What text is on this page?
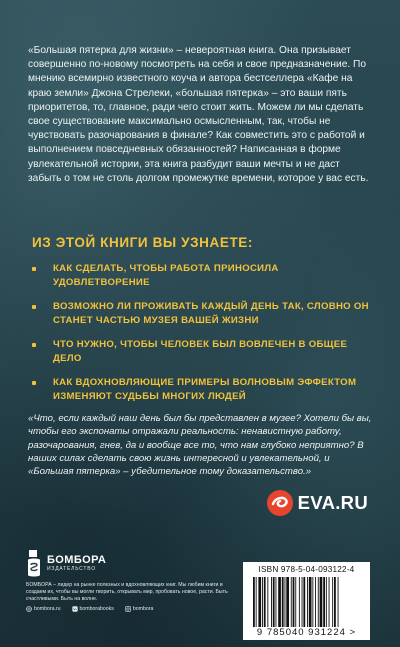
«Большая пятерка для жизни» – невероятная книга. Она призывает совершенно по-новому посмотреть на себя и свое предназначение. По мнению всемирно известного коуча и автора бестселлера «Кафе на краю земли» Джона Стрелеки, «большая пятерка» – это ваши пять приоритетов, то, главное, ради чего стоит жить. Можем ли мы сделать свое существование максимально осмысленным, так, чтобы не чувствовать разочарования в финале? Как совместить это с работой и выполнением повседневных обязанностей? Написанная в форме увлекательной истории, эта книга разбудит ваши мечты и не даст забыть о том не столь долгом промежутке времени, которое у вас есть.

ИЗ ЭТОЙ КНИГИ ВЫ УЗНАЕТЕ:
КАК СДЕЛАТЬ, ЧТОБЫ РАБОТА ПРИНОСИЛА УДОВЛЕТВОРЕНИЕ
ВОЗМОЖНО ЛИ ПРОЖИВАТЬ КАЖДЫЙ ДЕНЬ ТАК, СЛОВНО ОН СТАНЕТ ЧАСТЬЮ МУЗЕЯ ВАШЕЙ ЖИЗНИ
ЧТО НУЖНО, ЧТОБЫ ЧЕЛОВЕК БЫЛ ВОВЛЕЧЕН В ОБЩЕЕ ДЕЛО
КАК ВДОХНОВЛЯЮЩИЕ ПРИМЕРЫ ВОЛНОВЫМ ЭФФЕКТОМ ИЗМЕНЯЮТ СУДЬБЫ МНОГИХ ЛЮДЕЙ

«Что, если каждый наш день был бы представлен в музее? Хотели бы вы, чтобы его экспонаты отражали реальность: ненавистную работу, разочарования, гнев, да и вообще все то, что нам глубоко неприятно? В наших силах сделать свою жизнь интересной и увлекательной, и «Большая пятерка» – убедительное тому доказательство.»

EVA.RU
БОМБОРА
ИЗДАТЕЛЬСТВО

БОМБОРА – лидер на рынке полезных и вдохновляющих книг. Мы любим книги и создаем их, чтобы вы могли творить, открывать мир, пробовать новое, расти. Быть счастливыми. Быть на волне.

bombora.ru	bomborabooks	bombora
ISBN 978-5-04-093122-4
9 785040 931224 >
